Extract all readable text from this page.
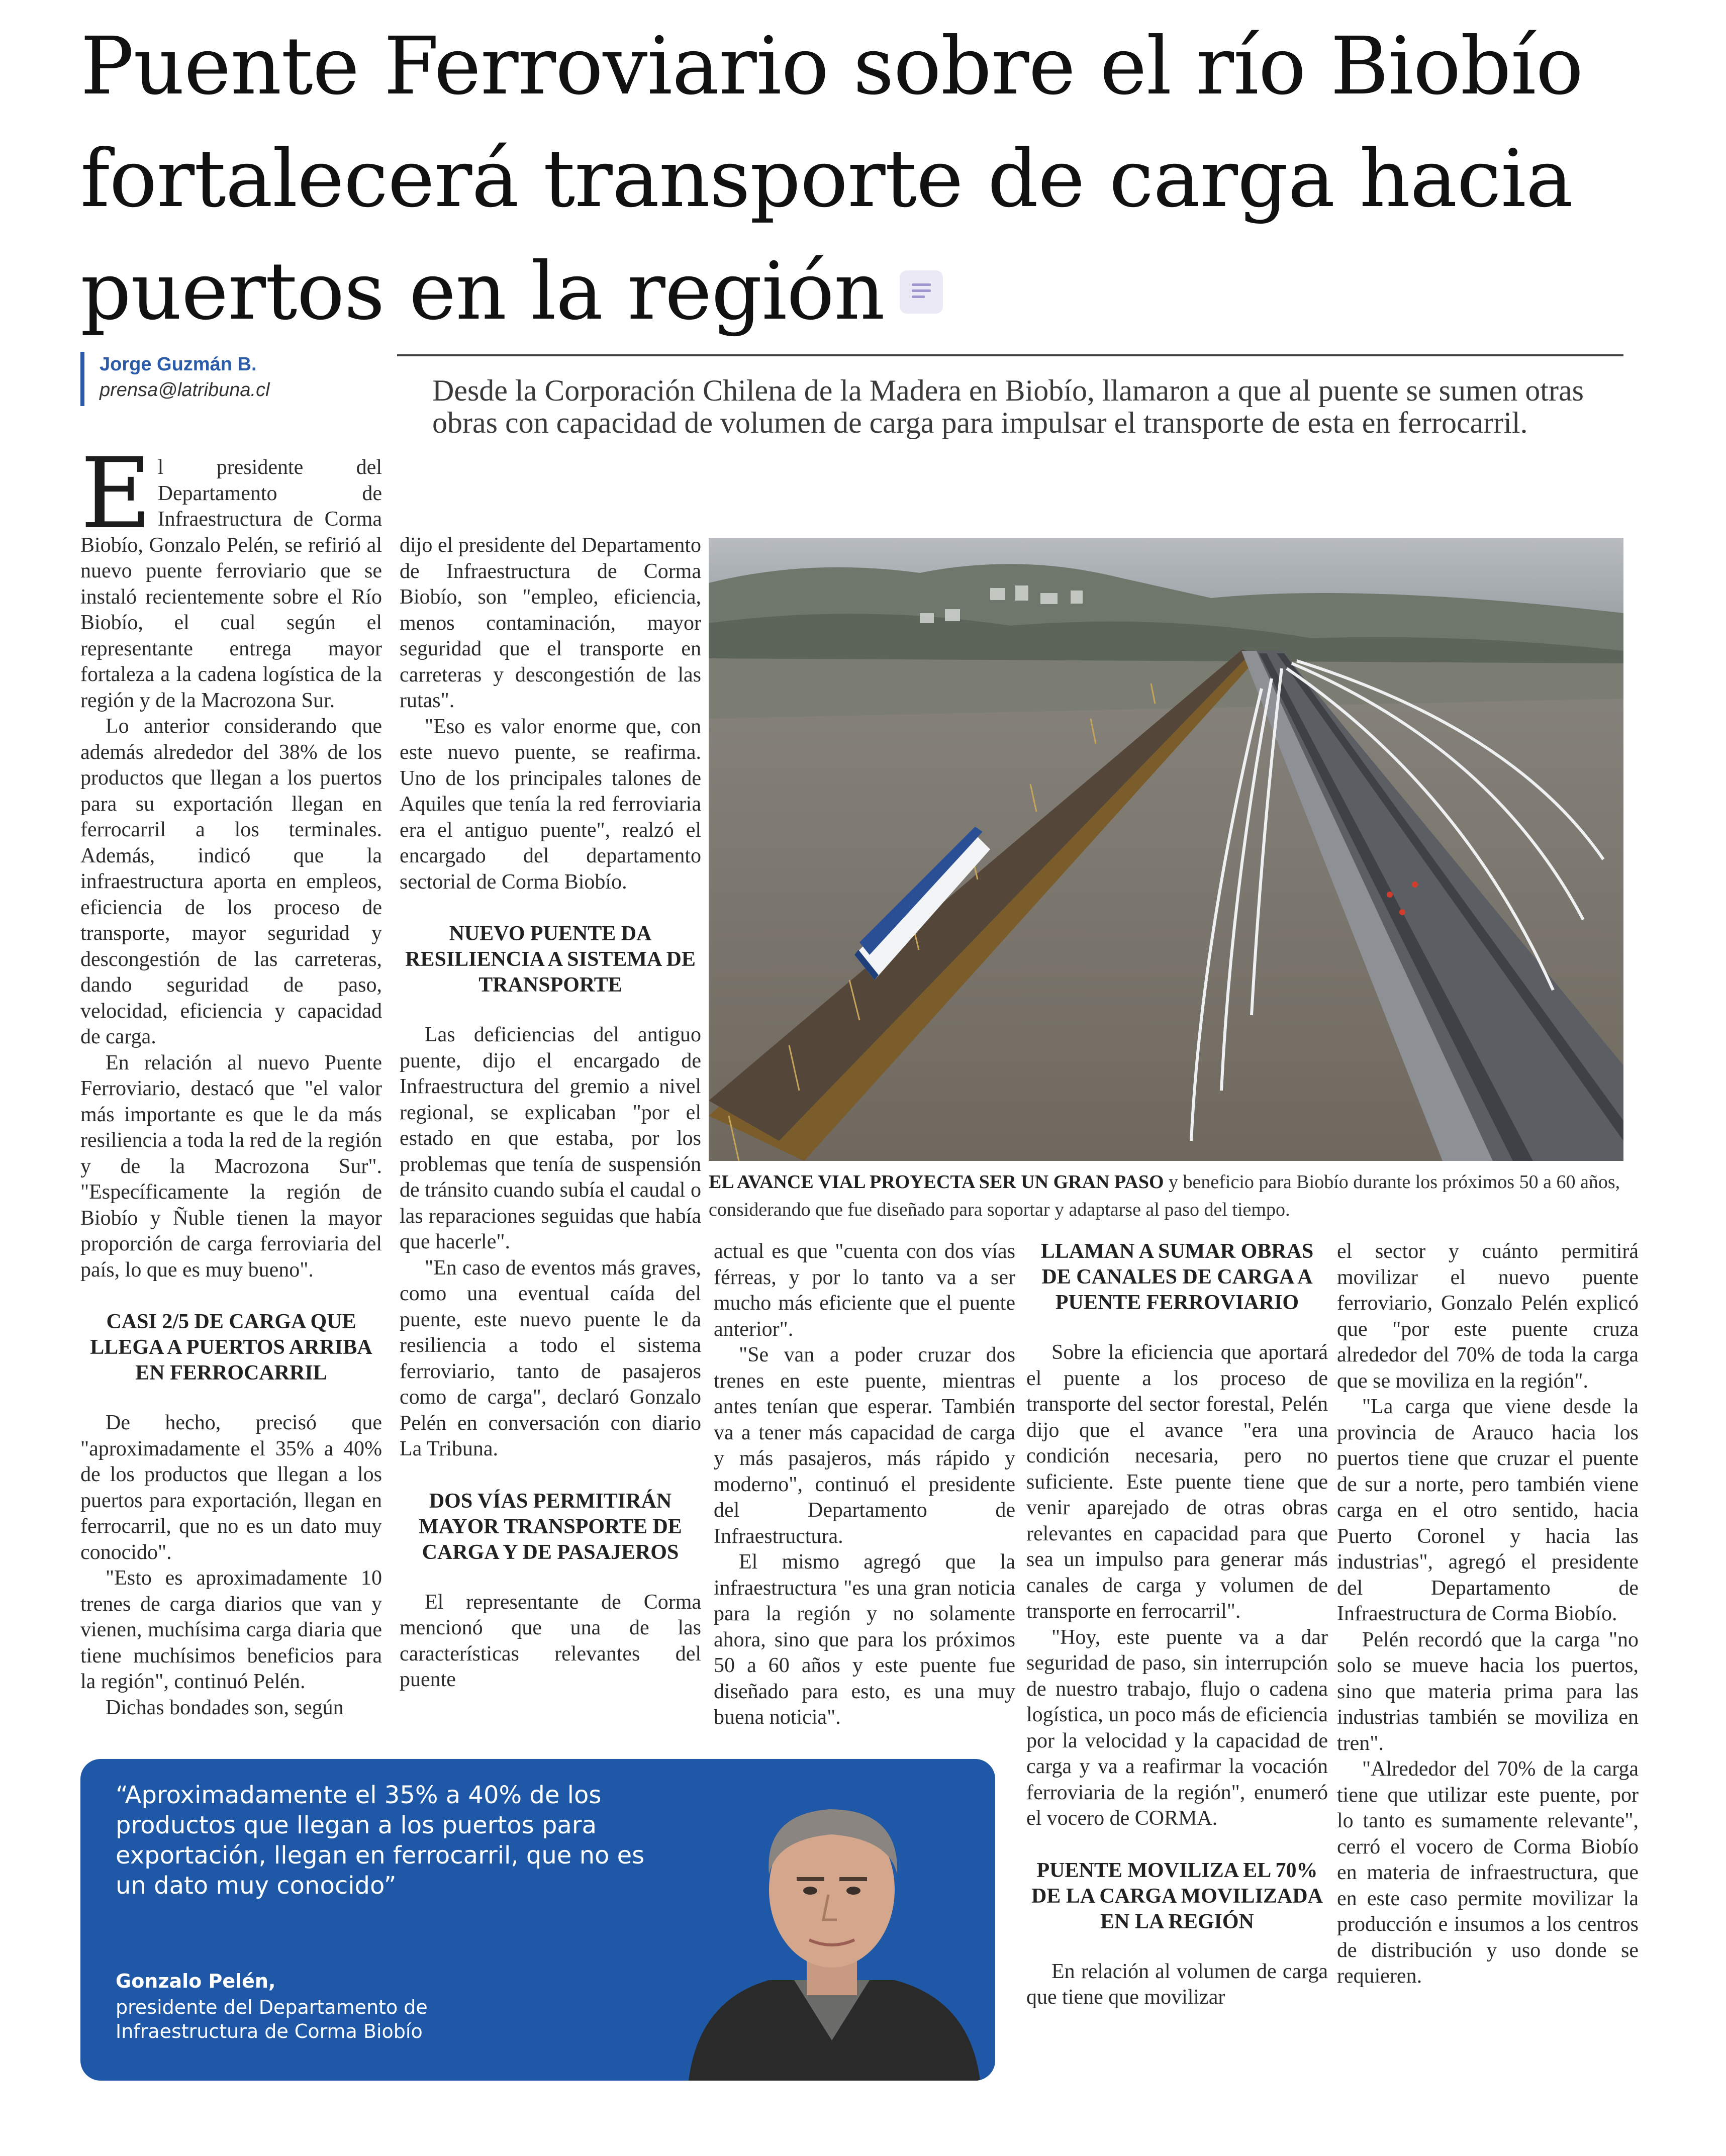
Puente Ferroviario sobre el río Biobío
fortalecerá transporte de carga hacia
puertos en la región
Jorge Guzmán B.
prensa@latribuna.cl	Desde la Corporación Chilena de la Madera en Biobío, llamaron a que al puente se sumen otras obras con capacidad de volumen de carga para impulsar el transporte de esta en ferrocarril.

El presidente del Departamento de Infraestructura de Corma Biobío, Gonzalo Pelén, se refirió al nuevo puente ferroviario que se instaló recientemente sobre el Río Biobío, el cual según el representante entrega mayor fortaleza a la cadena logística de la región y de la Macrozona Sur.

Lo anterior considerando que además alrededor del 38% de los productos que llegan a los puertos para su exportación llegan en ferrocarril a los terminales. Además, indicó que la infraestructura aporta en empleos, eficiencia de los proceso de transporte, mayor seguridad y descongestión de las carreteras, dando seguridad de paso, velocidad, eficiencia y capacidad de carga.

En relación al nuevo Puente Ferroviario, destacó que "el valor más importante es que le da más resiliencia a toda la red de la región y de la Macrozona Sur". "Específicamente la región de Biobío y Ñuble tienen la mayor proporción de carga ferroviaria del país, lo que es muy bueno".

CASI 2/5 DE CARGA QUE LLEGA A PUERTOS ARRIBA EN FERROCARRIL

De hecho, precisó que "aproximadamente el 35% a 40% de los productos que llegan a los puertos para exportación, llegan en ferrocarril, que no es un dato muy conocido".

"Esto es aproximadamente 10 trenes de carga diarios que van y vienen, muchísima carga diaria que tiene muchísimos beneficios para la región", continuó Pelén.

Dichas bondades son, según

dijo el presidente del Departamento de Infraestructura de Corma Biobío, son "empleo, eficiencia, menos contaminación, mayor seguridad que el transporte en carreteras y descongestión de las rutas".

"Eso es valor enorme que, con este nuevo puente, se reafirma. Uno de los principales talones de Aquiles que tenía la red ferroviaria era el antiguo puente", realzó el encargado del departamento sectorial de Corma Biobío.

NUEVO PUENTE DA RESILIENCIA A SISTEMA DE TRANSPORTE

Las deficiencias del antiguo puente, dijo el encargado de Infraestructura del gremio a nivel regional, se explicaban "por el estado en que estaba, por los problemas que tenía de suspensión de tránsito cuando subía el caudal o las reparaciones seguidas que había que hacerle".

"En caso de eventos más graves, como una eventual caída del puente, este nuevo puente le da resiliencia a todo el sistema ferroviario, tanto de pasajeros como de carga", declaró Gonzalo Pelén en conversación con diario La Tribuna.

DOS VÍAS PERMITIRÁN MAYOR TRANSPORTE DE CARGA Y DE PASAJEROS

El representante de Corma mencionó que una de las características relevantes del puente

EL AVANCE VIAL PROYECTA SER UN GRAN PASO y beneficio para Biobío durante los próximos 50 a 60 años, considerando que fue diseñado para soportar y adaptarse al paso del tiempo.

actual es que "cuenta con dos vías férreas, y por lo tanto va a ser mucho más eficiente que el puente anterior".

"Se van a poder cruzar dos trenes en este puente, mientras antes tenían que esperar. También va a tener más capacidad de carga y más pasajeros, más rápido y moderno", continuó el presidente del Departamento de Infraestructura.

El mismo agregó que la infraestructura "es una gran noticia para la región y no solamente ahora, sino que para los próximos 50 a 60 años y este puente fue diseñado para esto, es una muy buena noticia".

LLAMAN A SUMAR OBRAS DE CANALES DE CARGA A PUENTE FERROVIARIO

Sobre la eficiencia que aportará el puente a los proceso de transporte del sector forestal, Pelén dijo que el avance "era una condición necesaria, pero no suficiente. Este puente tiene que venir aparejado de otras obras relevantes en capacidad para que sea un impulso para generar más canales de carga y volumen de transporte en ferrocarril".

"Hoy, este puente va a dar seguridad de paso, sin interrupción de nuestro trabajo, flujo o cadena logística, un poco más de eficiencia por la velocidad y la capacidad de carga y va a reafirmar la vocación ferroviaria de la región", enumeró el vocero de CORMA.

PUENTE MOVILIZA EL 70% DE LA CARGA MOVILIZADA EN LA REGIÓN

En relación al volumen de carga que tiene que movilizar

el sector y cuánto permitirá movilizar el nuevo puente ferroviario, Gonzalo Pelén explicó que "por este puente cruza alrededor del 70% de toda la carga que se moviliza en la región".

"La carga que viene desde la provincia de Arauco hacia los puertos tiene que cruzar el puente de sur a norte, pero también viene carga en el otro sentido, hacia Puerto Coronel y hacia las industrias", agregó el presidente del Departamento de Infraestructura de Corma Biobío.

Pelén recordó que la carga "no solo se mueve hacia los puertos, sino que materia prima para las industrias también se moviliza en tren".

"Alrededor del 70% de la carga tiene que utilizar este puente, por lo tanto es sumamente relevante", cerró el vocero de Corma Biobío en materia de infraestructura, que en este caso permite movilizar la producción e insumos a los centros de distribución y uso donde se requieren.

“Aproximadamente el 35% a 40% de los productos que llegan a los puertos para exportación, llegan en ferrocarril, que no es un dato muy conocido”

Gonzalo Pelén,
presidente del Departamento de Infraestructura de Corma Biobío
